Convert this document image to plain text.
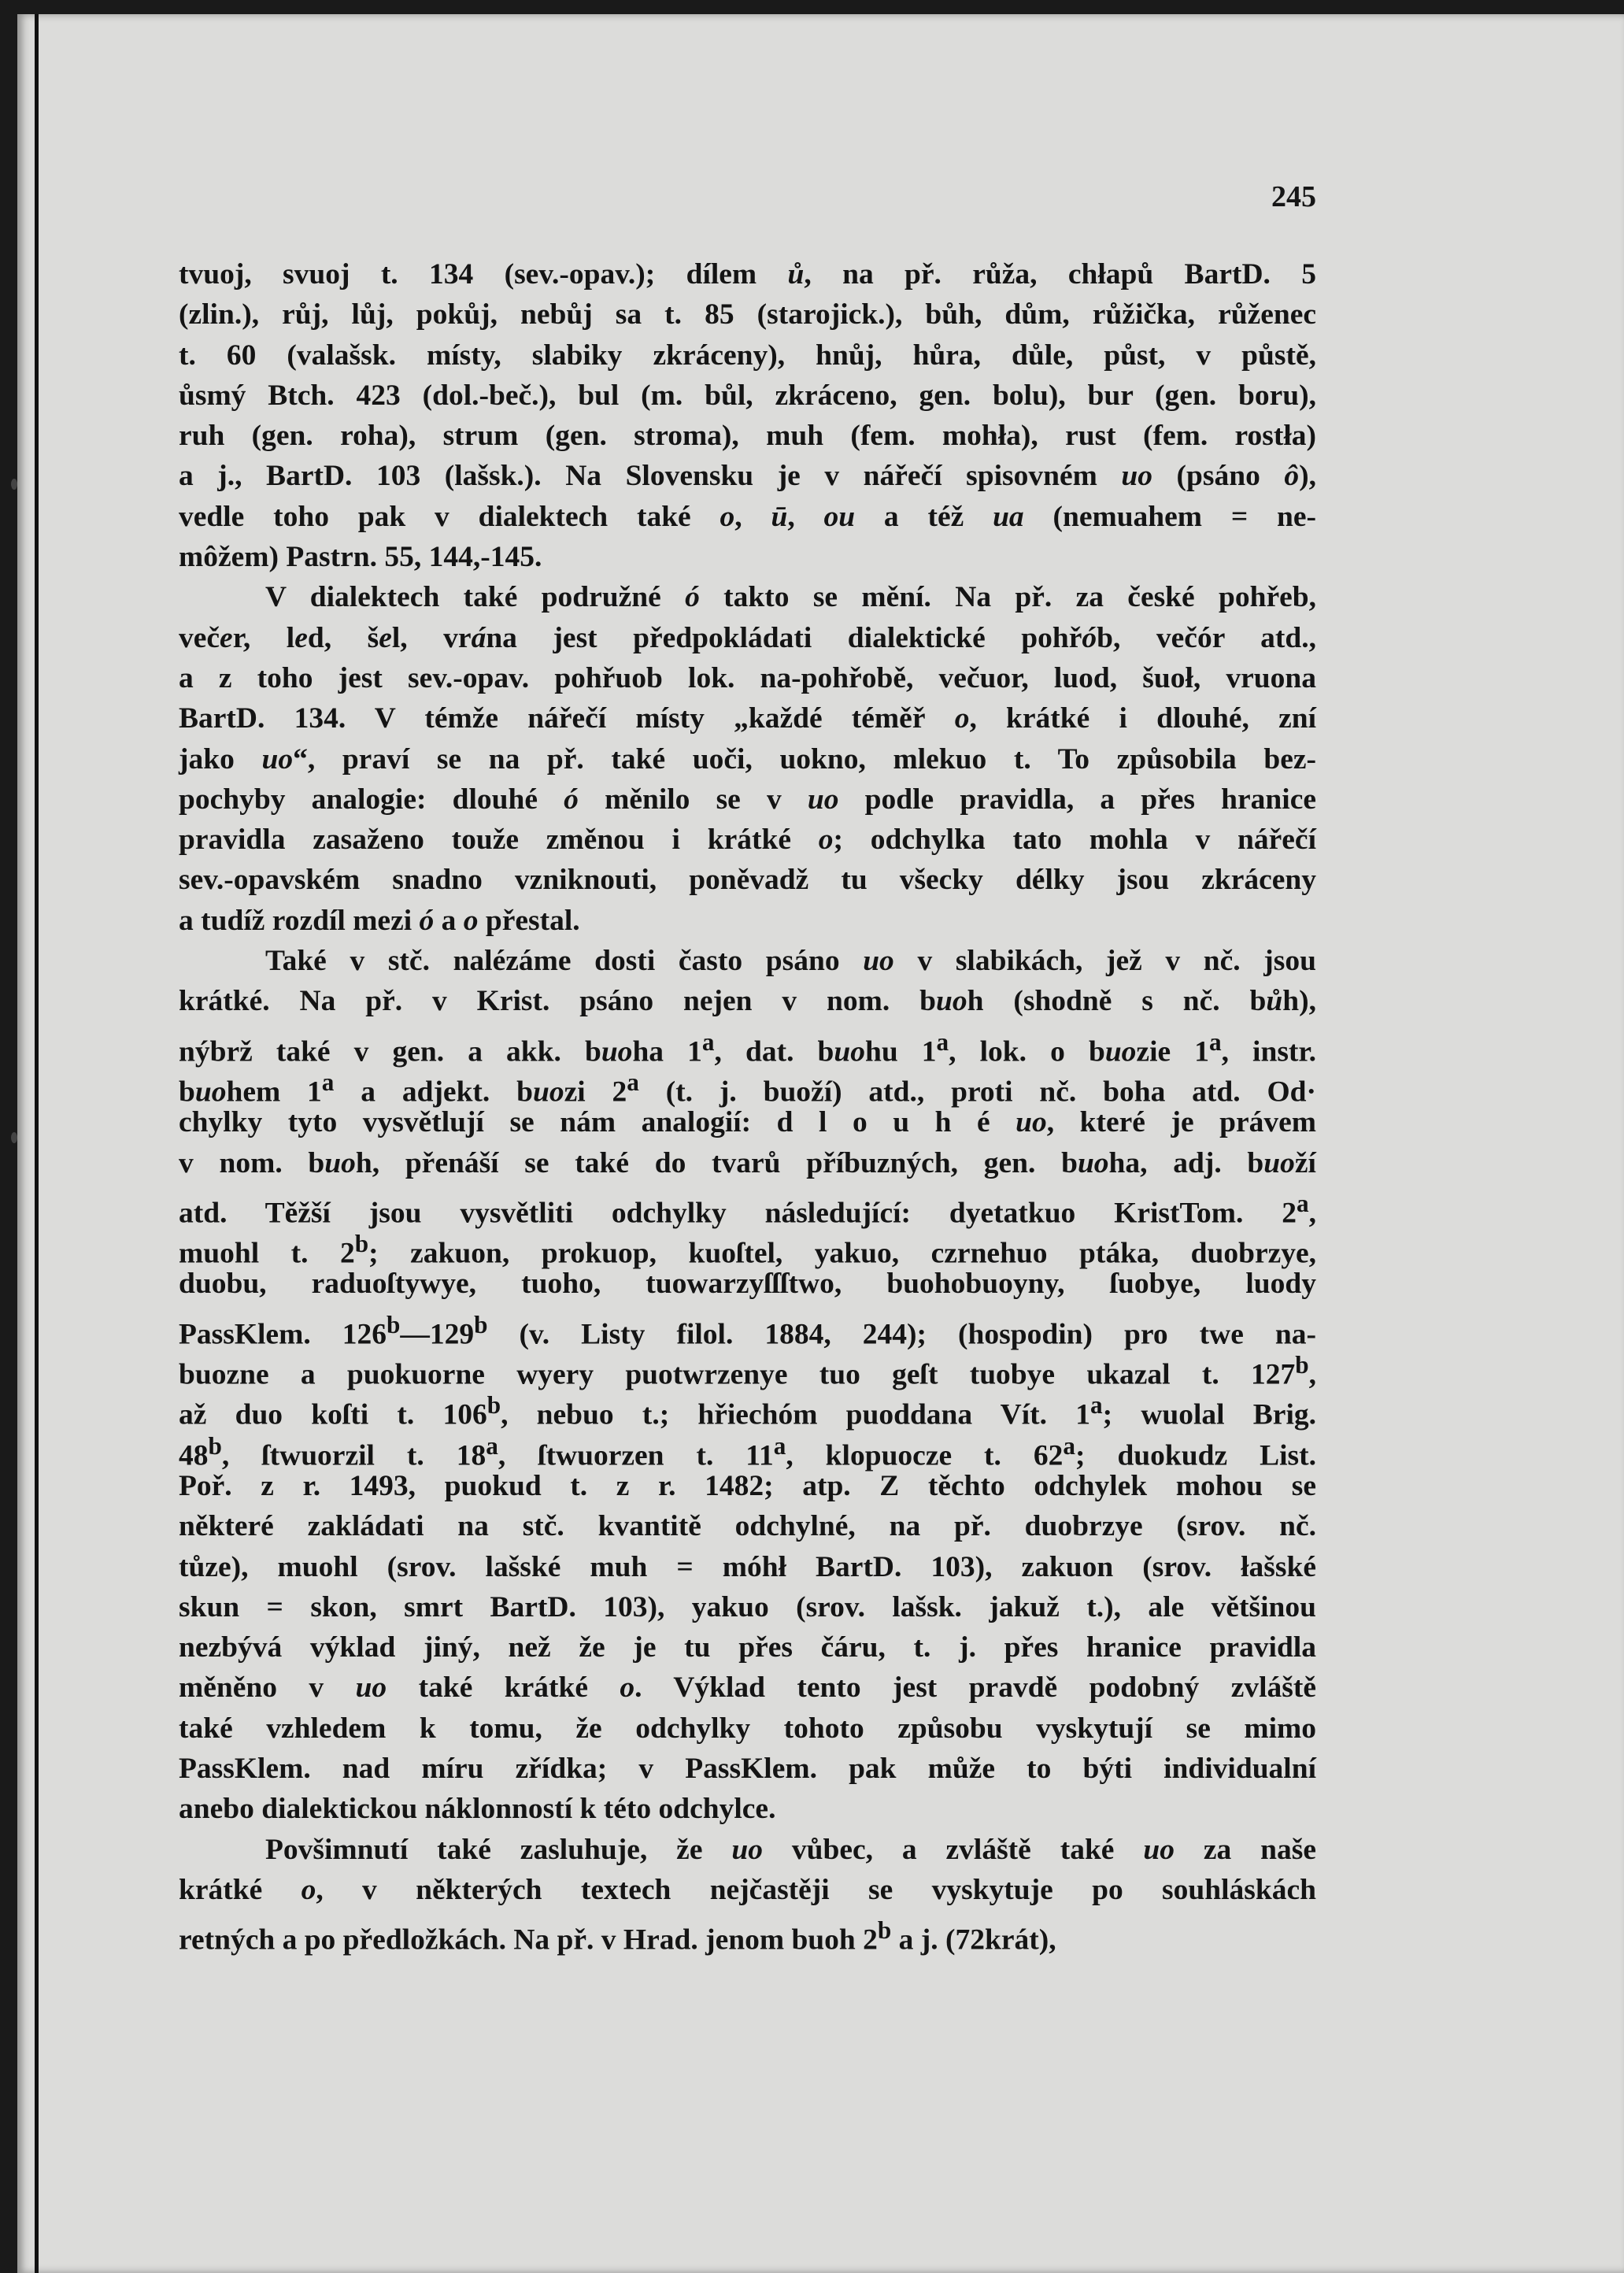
245
tvuoj, svuoj t. 134 (sev.-opav.); dílem ů, na př. růža, chłapů BartD. 5
(zlin.), růj, lůj, pokůj, nebůj sa t. 85 (starojick.), bůh, dům, růžička, růženec
t. 60 (valašsk. místy, slabiky zkráceny), hnůj, hůra, důle, půst, v půstě,
ůsmý Btch. 423 (dol.-beč.), bul (m. bůl, zkráceno, gen. bolu), bur (gen. boru),
ruh (gen. roha), strum (gen. stroma), muh (fem. mohła), rust (fem. rostła)
a j., BartD. 103 (lašsk.). Na Slovensku je v nářečí spisovném uo (psáno ô),
vedle toho pak v dialektech také o, ū, ou a též ua (nemuahem = ne-
môžem) Pastrn. 55, 144,-145.
V dialektech také podružné ó takto se mění. Na př. za české pohřeb,
večer, led, šel, vrána jest předpokládati dialektické pohřób, večór atd.,
a z toho jest sev.-opav. pohřuob lok. na-pohřobě, večuor, luod, šuoł, vruona
BartD. 134. V témže nářečí místy „každé téměř o, krátké i dlouhé, zní
jako uo“, praví se na př. také uoči, uokno, mlekuo t. To způsobila bez-
pochyby analogie: dlouhé ó měnilo se v uo podle pravidla, a přes hranice
pravidla zasaženo touže změnou i krátké o; odchylka tato mohla v nářečí
sev.-opavském snadno vzniknouti, poněvadž tu všecky délky jsou zkráceny
a tudíž rozdíl mezi ó a o přestal.
Také v stč. nalézáme dosti často psáno uo v slabikách, jež v nč. jsou
krátké. Na př. v Krist. psáno nejen v nom. buoh (shodně s nč. bůh),
nýbrž také v gen. a akk. buoha 1$^a$, dat. buohu 1$^a$, lok. o buozie 1$^a$, instr.
buohem 1$^a$ a adjekt. buozi 2$^a$ (t. j. buoží) atd., proti nč. boha atd. Od·
chylky tyto vysvětlují se nám analogií: d l o u h é uo, které je právem
v nom. buoh, přenáší se také do tvarů příbuzných, gen. buoha, adj. buoží
atd. Těžší jsou vysvětliti odchylky následující: dyetatkuo KristTom. 2$^a$,
muohl t. 2$^b$; zakuon, prokuop, kuoſtel, yakuo, czrnehuo ptáka, duobrzye,
duobu, raduoſtywye, tuoho, tuowarzyſſſtwo, buohobuoyny, ſuobye, luody
PassKlem. 126$^b$—129$^b$ (v. Listy filol. 1884, 244); (hospodin) pro twe na-
buozne a puokuorne wyery puotwrzenye tuo geſt tuobye ukazal t. 127$^b$,
až duo koſti t. 106$^b$, nebuo t.; hřiechóm puoddana Vít. 1$^a$; wuolal Brig.
48$^b$, ſtwuorzil t. 18$^a$, ſtwuorzen t. 11$^a$, klopuocze t. 62$^a$; duokudz List.
Poř. z r. 1493, puokud t. z r. 1482; atp. Z těchto odchylek mohou se
některé zakládati na stč. kvantitě odchylné, na př. duobrzye (srov. nč.
tůze), muohl (srov. lašské muh = móhł BartD. 103), zakuon (srov. łašské
skun = skon, smrt BartD. 103), yakuo (srov. lašsk. jakuž t.), ale většinou
nezbývá výklad jiný, než že je tu přes čáru, t. j. přes hranice pravidla
měněno v uo také krátké o. Výklad tento jest pravdě podobný zvláště
také vzhledem k tomu, že odchylky tohoto způsobu vyskytují se mimo
PassKlem. nad míru zřídka; v PassKlem. pak může to býti individualní
anebo dialektickou náklonností k této odchylce.
Povšimnutí také zasluhuje, že uo vůbec, a zvláště také uo za naše
krátké o, v některých textech nejčastěji se vyskytuje po souhláskách
retných a po předložkách. Na př. v Hrad. jenom buoh 2$^b$ a j. (72krát),
